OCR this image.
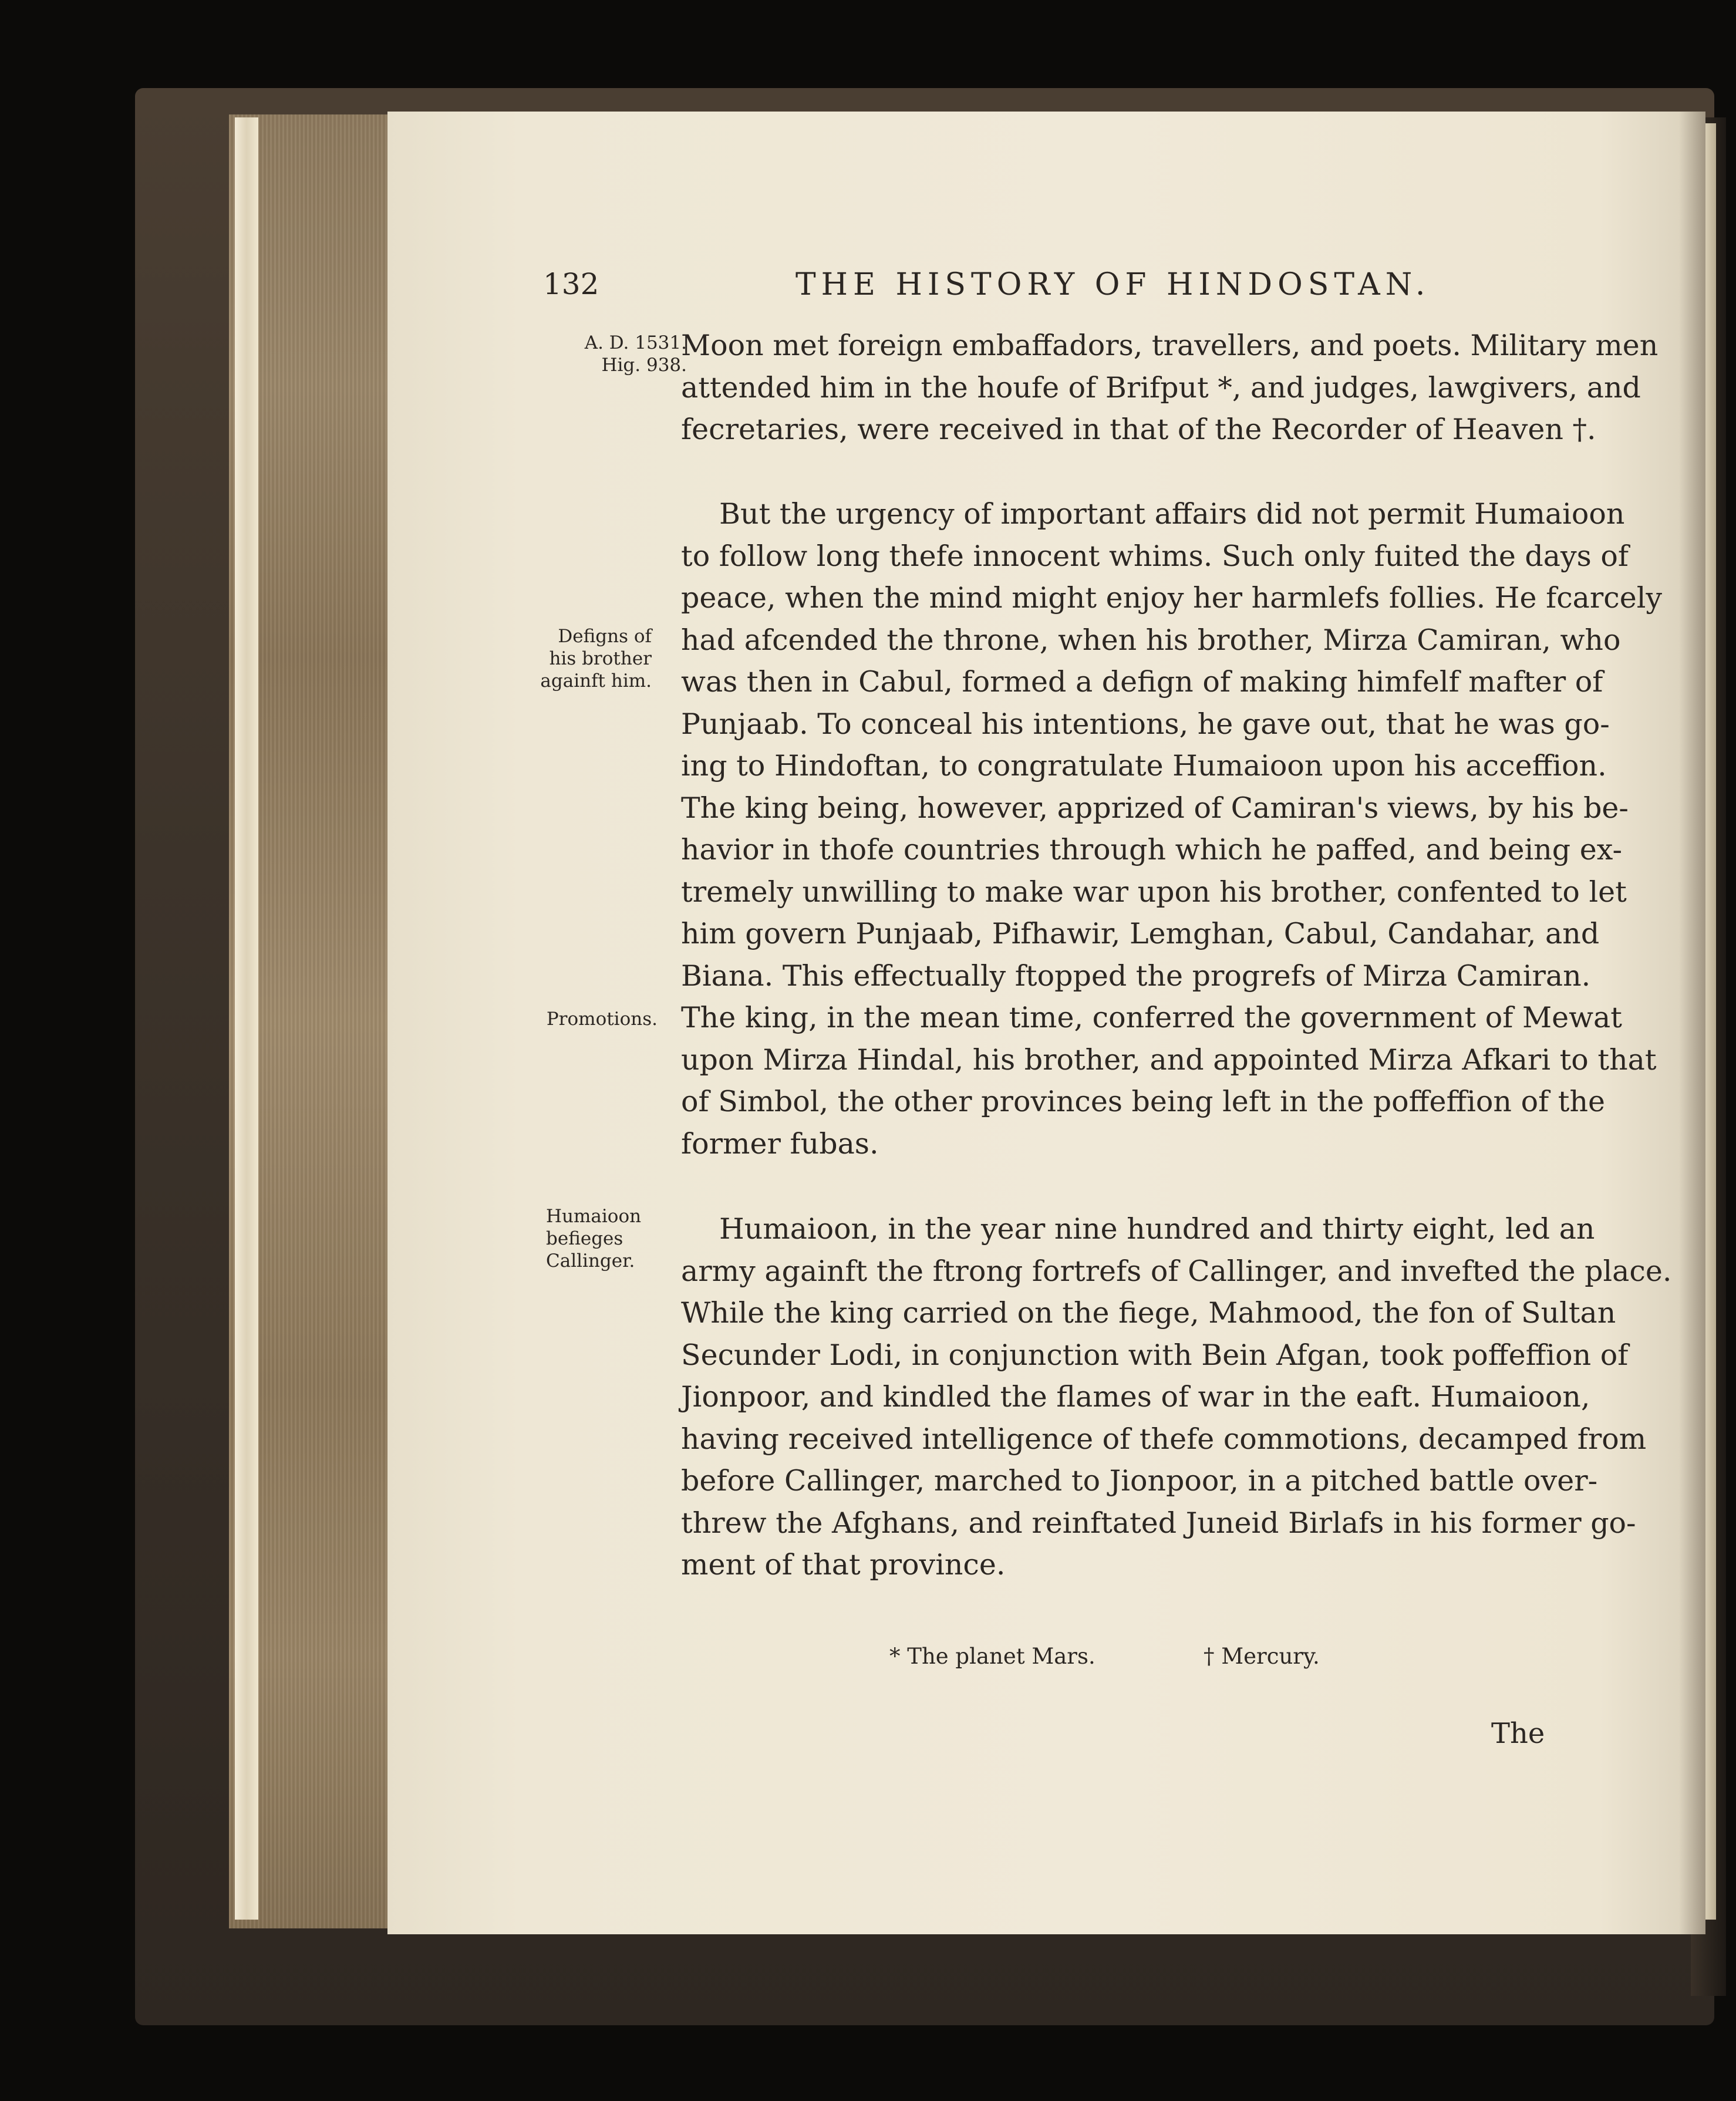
132	THE HISTORY OF HINDOSTAN.
A. D. 1531.
Hig. 938.
Defigns of
his brother
againft him.
Promotions.
Humaioon
befieges
Callinger.
Moon met foreign embaffadors, travellers, and poets. Military men
attended him in the houfe of Brifput *, and judges, lawgivers, and
fecretaries, were received in that of the Recorder of Heaven †.
But the urgency of important affairs did not permit Humaioon
to follow long thefe innocent whims. Such only fuited the days of
peace, when the mind might enjoy her harmlefs follies. He fcarcely
had afcended the throne, when his brother, Mirza Camiran, who
was then in Cabul, formed a defign of making himfelf mafter of
Punjaab. To conceal his intentions, he gave out, that he was go-
ing to Hindoftan, to congratulate Humaioon upon his acceffion.
The king being, however, apprized of Camiran's views, by his be-
havior in thofe countries through which he paffed, and being ex-
tremely unwilling to make war upon his brother, confented to let
him govern Punjaab, Pifhawir, Lemghan, Cabul, Candahar, and
Biana. This effectually ftopped the progrefs of Mirza Camiran.
The king, in the mean time, conferred the government of Mewat
upon Mirza Hindal, his brother, and appointed Mirza Afkari to that
of Simbol, the other provinces being left in the poffeffion of the
former fubas.
Humaioon, in the year nine hundred and thirty eight, led an
army againft the ftrong fortrefs of Callinger, and invefted the place.
While the king carried on the fiege, Mahmood, the fon of Sultan
Secunder Lodi, in conjunction with Bein Afgan, took poffeffion of
Jionpoor, and kindled the flames of war in the eaft. Humaioon,
having received intelligence of thefe commotions, decamped from
before Callinger, marched to Jionpoor, in a pitched battle over-
threw the Afghans, and reinftated Juneid Birlafs in his former go-
ment of that province.
* The planet Mars.	† Mercury.
The
